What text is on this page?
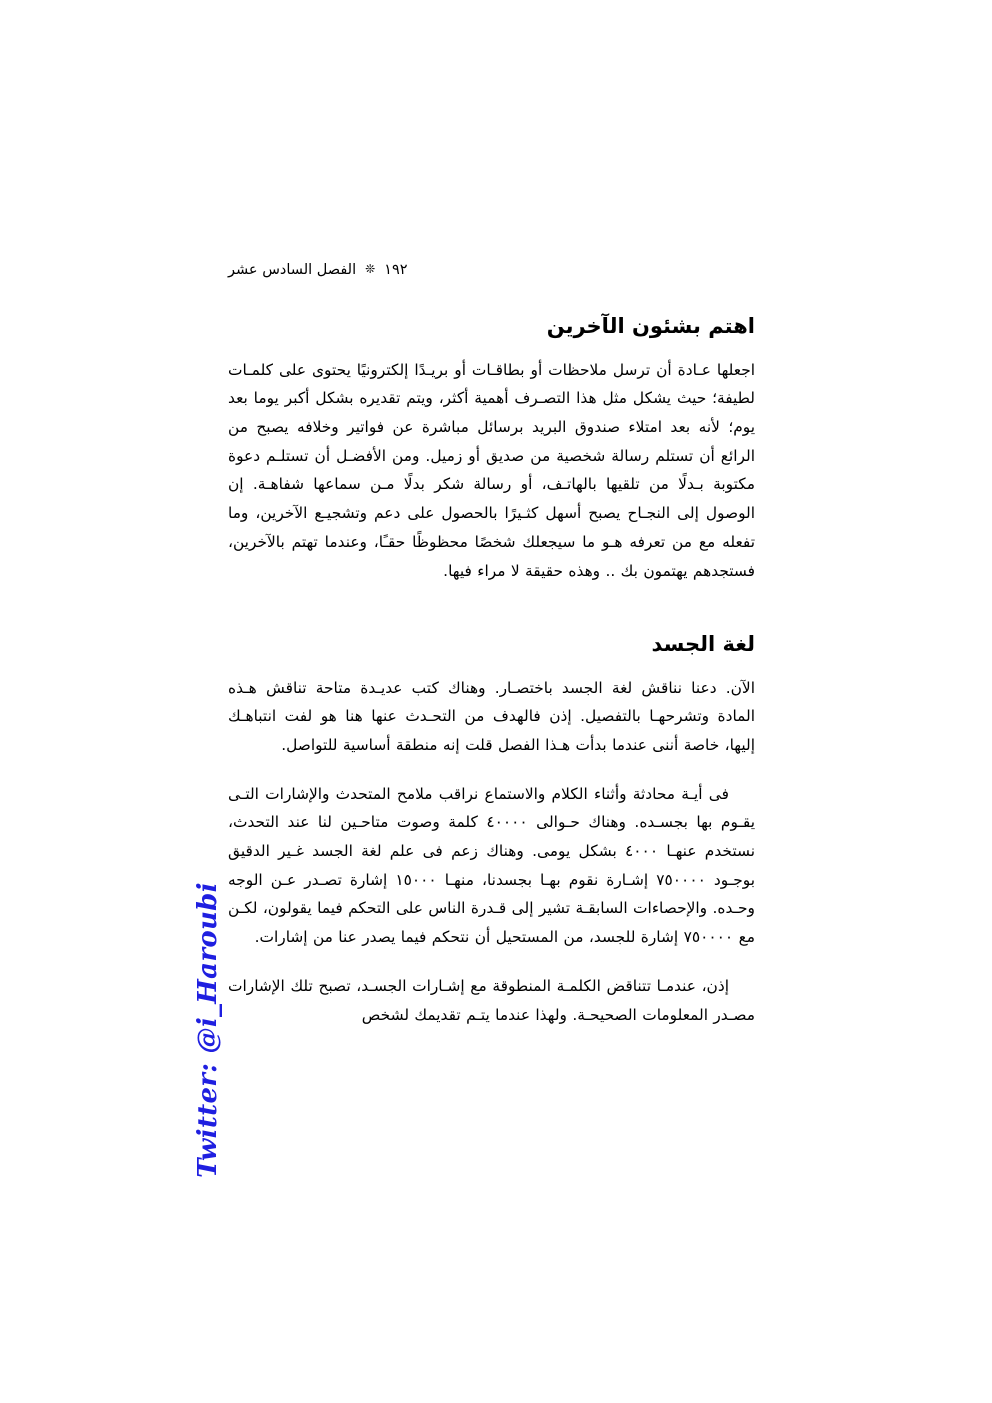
١٩٢
❊
الفصل السادس عشر
اهتم بشئون الآخرين

اجعلها عـادة أن ترسل ملاحظات أو بطاقـات أو بريـدًا إلكترونيًا يحتوى على كلمـات لطيفة؛ حيث يشكل مثل هذا التصـرف أهمية أكثر، ويتم تقديره بشكل أكبر يوما بعد يوم؛ لأنه بعد امتلاء صندوق البريد برسائل مباشرة عن فواتير وخلافه يصبح من الرائع أن تستلم رسالة شخصية من صديق أو زميل. ومن الأفضـل أن تستلـم دعوة مكتوبة بـدلًا من تلقيها بالهاتـف، أو رسالة شكر بدلًا مـن سماعها شفاهـة. إن الوصول إلى النجـاح يصبح أسهل كثـيرًا بالحصول على دعم وتشجيـع الآخرين، وما تفعله مع من تعرفه هـو ما سيجعلك شخصًا محظوظًا حقـًا، وعندما تهتم بالآخرين، فستجدهم يهتمون بك .. وهذه حقيقة لا مراء فيها.

لغة الجسد

الآن. دعنا نناقش لغة الجسد باختصـار. وهناك كتب عديـدة متاحة تناقش هـذه المادة وتشرحهـا بالتفصيل. إذن فالهدف من التحـدث عنها هنا هو لفت انتباهـك إليها، خاصة أننى عندما بدأت هـذا الفصل قلت إنه منطقة أساسية للتواصل.

فى أيـة محادثة وأثناء الكلام والاستماع نراقب ملامح المتحدث والإشارات التـى يقـوم بها بجسـده. وهناك حـوالى ٤٠٠٠٠ كلمة وصوت متاحـين لنا عند التحدث، نستخدم عنهـا ٤٠٠٠ بشكل يومى. وهناك زعم فى علم لغة الجسد غـير الدقيق بوجـود ٧٥٠٠٠٠ إشـارة نقوم بهـا بجسدنا، منهـا ١٥٠٠٠ إشارة تصـدر عـن الوجه وحـده. والإحصاءات السابقـة تشير إلى قـدرة الناس على التحكم فيما يقولون، لكـن مع ٧٥٠٠٠٠ إشارة للجسد، من المستحيل أن نتحكم فيما يصدر عنا من إشارات.

إذن، عندمـا تتناقض الكلمـة المنطوقة مع إشـارات الجسـد، تصبح تلك الإشارات مصـدر المعلومات الصحيحـة. ولهذا عندما يتـم تقديمك لشخص

Twitter: @i_Haroubi
